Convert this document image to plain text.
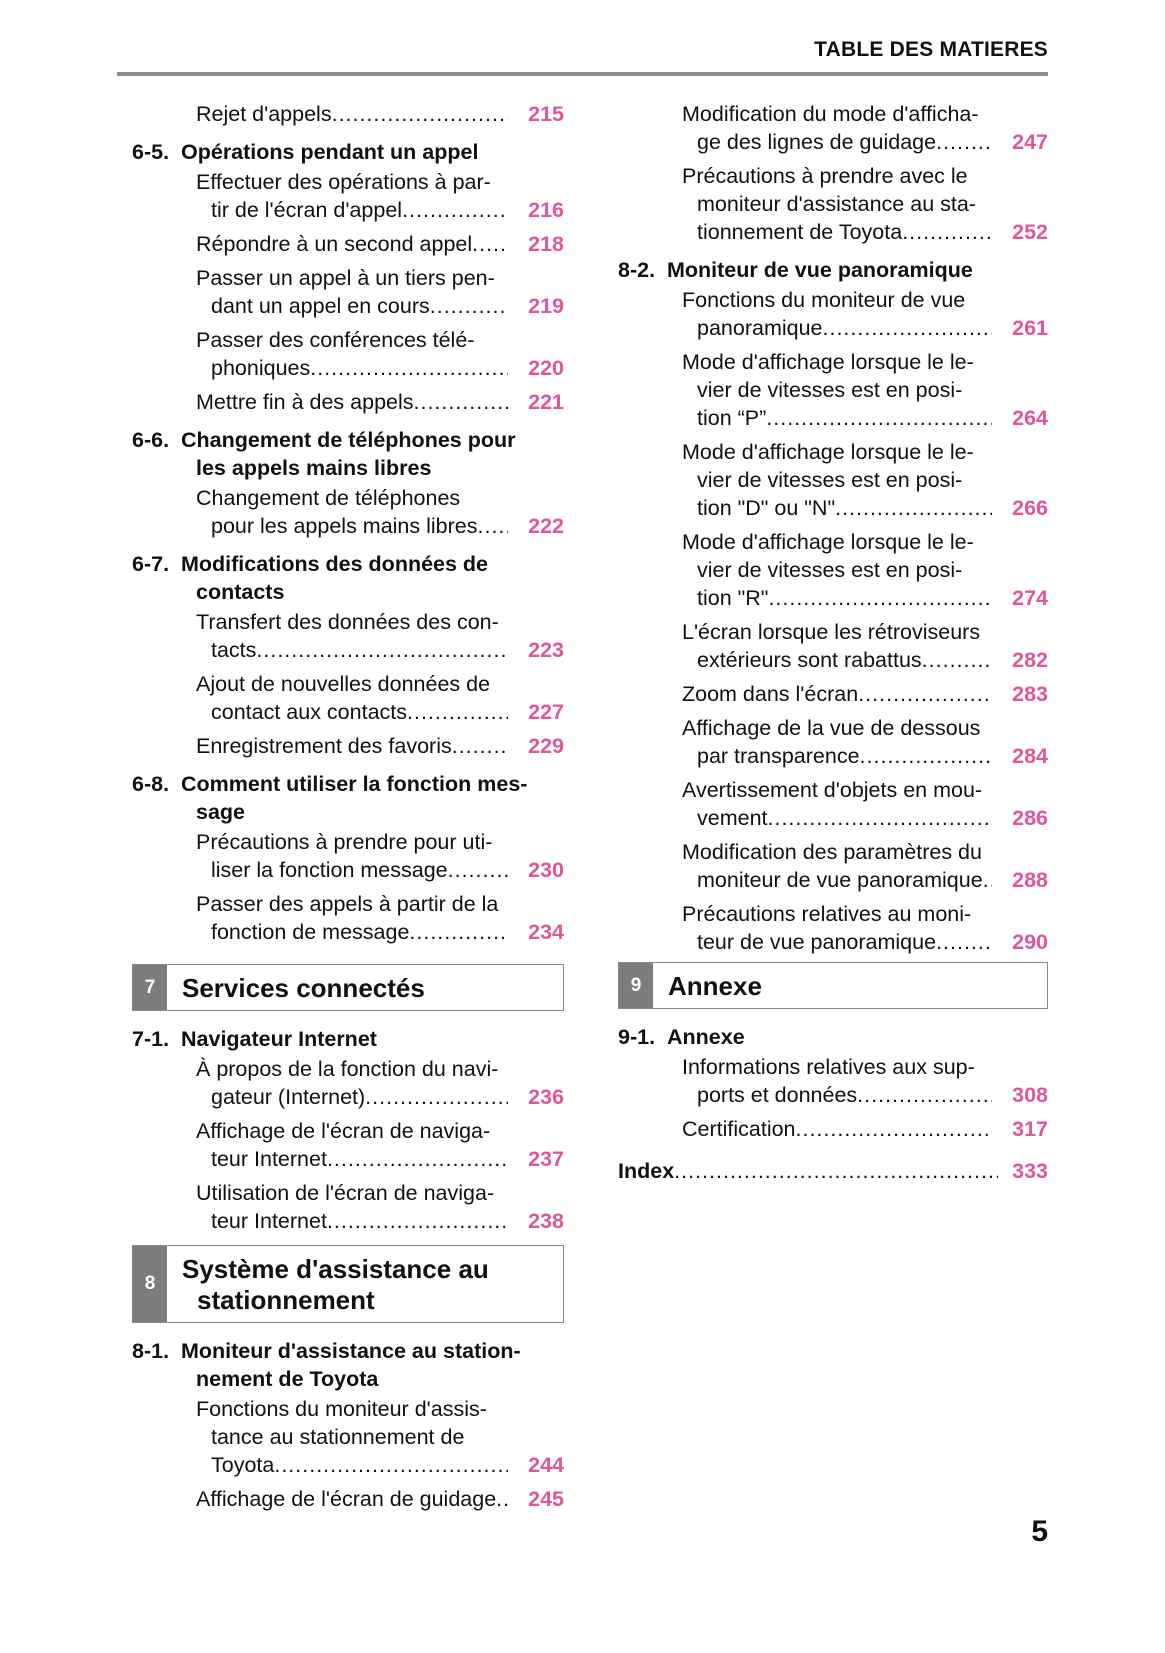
TABLE DES MATIERES
Rejet d'appels .....	215
6-5. Opérations pendant un appel
Effectuer des opérations à par-
tir de l'écran d'appel .....	216
Répondre à un second appel .....	218
Passer un appel à un tiers pen-
dant un appel en cours .....	219
Passer des conférences télé-
phoniques .....	220
Mettre fin à des appels .....	221
6-6. Changement de téléphones pour
les appels mains libres
Changement de téléphones
pour les appels mains libres .....	222
6-7. Modifications des données de
contacts
Transfert des données des con-
tacts .....	223
Ajout de nouvelles données de
contact aux contacts .....	227
Enregistrement des favoris .....	229
6-8. Comment utiliser la fonction mes-
sage
Précautions à prendre pour uti-
liser la fonction message .....	230
Passer des appels à partir de la
fonction de message .....	234
7	Services connectés
7-1. Navigateur Internet
À propos de la fonction du navi-
gateur (Internet) .....	236
Affichage de l'écran de naviga-
teur Internet .....	237
Utilisation de l'écran de naviga-
teur Internet .....	238
8	Système d'assistance au
stationnement
8-1. Moniteur d'assistance au station-
nement de Toyota
Fonctions du moniteur d'assis-
tance au stationnement de
Toyota .....	244
Affichage de l'écran de guidage .....	245
Modification du mode d'afficha-
ge des lignes de guidage .....	247
Précautions à prendre avec le
moniteur d'assistance au sta-
tionnement de Toyota .....	252
8-2. Moniteur de vue panoramique
Fonctions du moniteur de vue
panoramique .....	261
Mode d'affichage lorsque le le-
vier de vitesses est en posi-
tion “P” .....	264
Mode d'affichage lorsque le le-
vier de vitesses est en posi-
tion "D" ou "N" .....	266
Mode d'affichage lorsque le le-
vier de vitesses est en posi-
tion "R" .....	274
L'écran lorsque les rétroviseurs
extérieurs sont rabattus .....	282
Zoom dans l'écran .....	283
Affichage de la vue de dessous
par transparence .....	284
Avertissement d'objets en mou-
vement .....	286
Modification des paramètres du
moniteur de vue panoramique .....	288
Précautions relatives au moni-
teur de vue panoramique .....	290
9	Annexe
9-1. Annexe
Informations relatives aux sup-
ports et données .....	308
Certification .....	317
Index .....	333
5
